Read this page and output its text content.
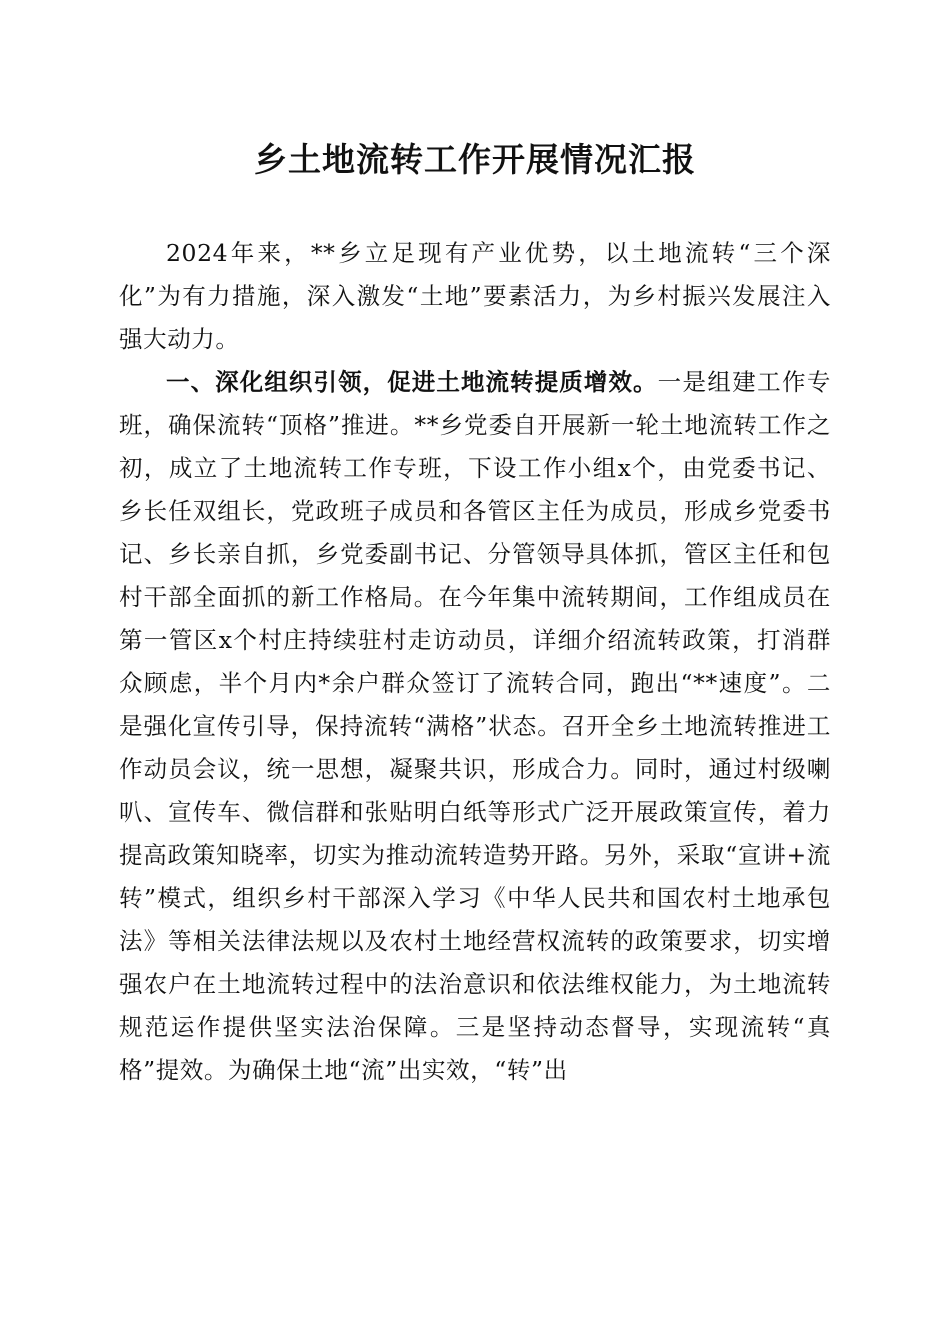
乡土地流转工作开展情况汇报

2024年来，**乡立足现有产业优势，以土地流转“三个深化”为有力措施，深入激发“土地”要素活力，为乡村振兴发展注入强大动力。

一、深化组织引领，促进土地流转提质增效。一是组建工作专班，确保流转“顶格”推进。**乡党委自开展新一轮土地流转工作之初，成立了土地流转工作专班，下设工作小组x个，由党委书记、乡长任双组长，党政班子成员和各管区主任为成员，形成乡党委书记、乡长亲自抓，乡党委副书记、分管领导具体抓，管区主任和包村干部全面抓的新工作格局。在今年集中流转期间，工作组成员在第一管区x个村庄持续驻村走访动员，详细介绍流转政策，打消群众顾虑，半个月内*余户群众签订了流转合同，跑出“**速度”。二是强化宣传引导，保持流转“满格”状态。召开全乡土地流转推进工作动员会议，统一思想，凝聚共识，形成合力。同时，通过村级喇叭、宣传车、微信群和张贴明白纸等形式广泛开展政策宣传，着力提高政策知晓率，切实为推动流转造势开路。另外，采取“宣讲+流转”模式，组织乡村干部深入学习《中华人民共和国农村土地承包法》等相关法律法规以及农村土地经营权流转的政策要求，切实增强农户在土地流转过程中的法治意识和依法维权能力，为土地流转规范运作提供坚实法治保障。三是坚持动态督导，实现流转“真格”提效。为确保土地“流”出实效，“转”出
